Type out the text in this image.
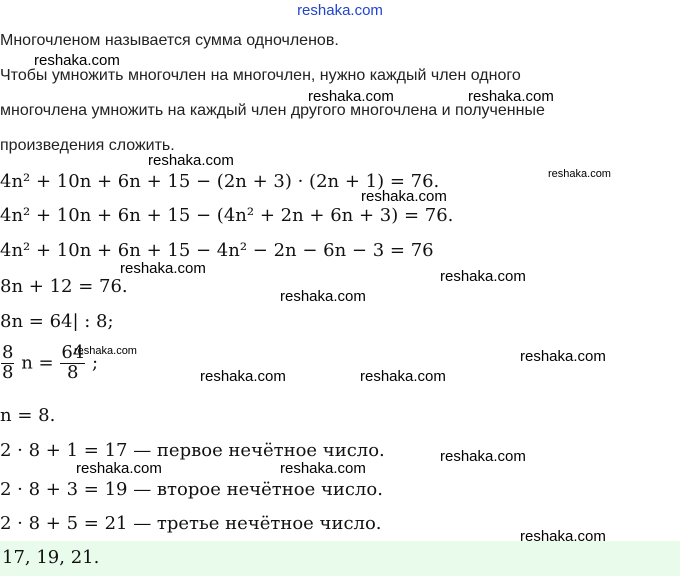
reshaka.com
Многочленом называется сумма одночленов.
Чтобы умножить многочлен на многочлен, нужно каждый член одного
многочлена умножить на каждый член другого многочлена и полученные
произведения сложить.
4n² + 10n + 6n + 15 − (2n + 3) · (2n + 1) = 76.
4n² + 10n + 6n + 15 − (4n² + 2n + 6n + 3) = 76.
4n² + 10n + 6n + 15 − 4n² − 2n − 6n − 3 = 76
8n + 12 = 76.
8n = 64| : 8;
$\frac{8}{8}$ $n = \frac{64}{8}$ ;
n = 8.
2 · 8 + 1 = 17 — первое нечётное число.
2 · 8 + 3 = 19 — второе нечётное число.
2 · 8 + 5 = 21 — третье нечётное число.
17, 19, 21.
reshaka.com
reshaka.com	reshaka.com
reshaka.com
reshaka.com
reshaka.com
reshaka.com	reshaka.com
reshaka.com
reshaka.com	reshaka.com
reshaka.com	reshaka.com
reshaka.com
reshaka.com	reshaka.com
reshaka.com
